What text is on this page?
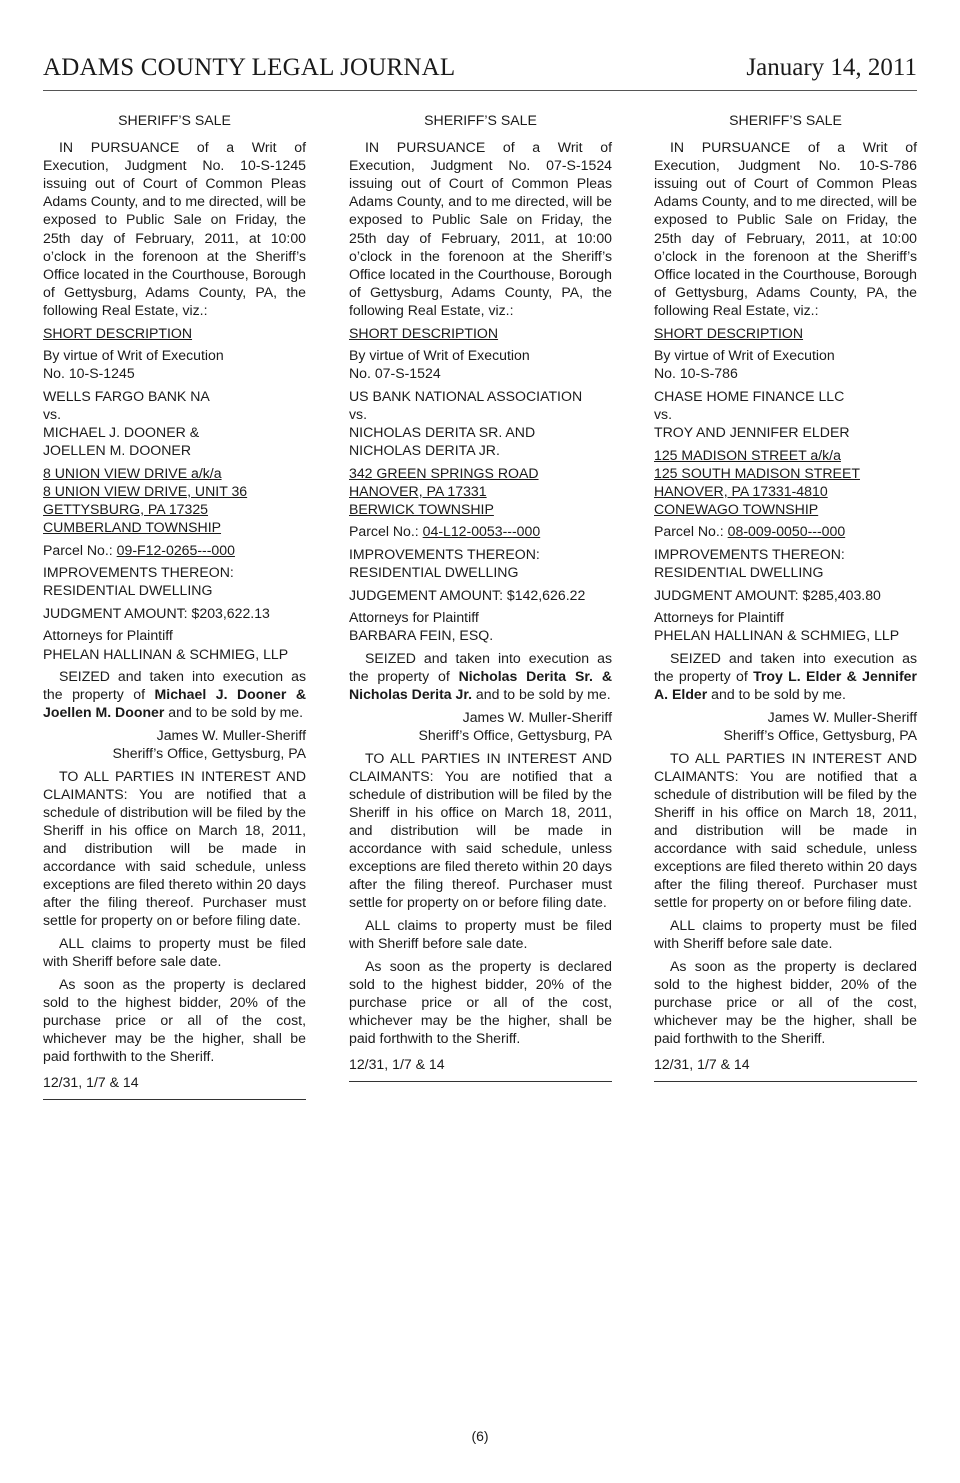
ADAMS COUNTY LEGAL JOURNAL	January 14, 2011

SHERIFF’S SALE

IN PURSUANCE of a Writ of Execution, Judgment No. 10-S-1245 issuing out of Court of Common Pleas Adams County, and to me directed, will be exposed to Public Sale on Friday, the 25th day of February, 2011, at 10:00 o’clock in the forenoon at the Sheriff’s Office located in the Courthouse, Borough of Gettysburg, Adams County, PA, the following Real Estate, viz.:

SHORT DESCRIPTION

By virtue of Writ of Execution
No. 10-S-1245

WELLS FARGO BANK NA
vs.
MICHAEL J. DOONER &
JOELLEN M. DOONER

8 UNION VIEW DRIVE a/k/a
8 UNION VIEW DRIVE, UNIT 36
GETTYSBURG, PA 17325
CUMBERLAND TOWNSHIP

Parcel No.: 09-F12-0265---000

IMPROVEMENTS THEREON:
RESIDENTIAL DWELLING

JUDGMENT AMOUNT: $203,622.13

Attorneys for Plaintiff
PHELAN HALLINAN & SCHMIEG, LLP

SEIZED and taken into execution as the property of Michael J. Dooner & Joellen M. Dooner and to be sold by me.

James W. Muller-Sheriff
Sheriff’s Office, Gettysburg, PA

TO ALL PARTIES IN INTEREST AND CLAIMANTS: You are notified that a schedule of distribution will be filed by the Sheriff in his office on March 18, 2011, and distribution will be made in accordance with said schedule, unless exceptions are filed thereto within 20 days after the filing thereof. Purchaser must settle for property on or before filing date.

ALL claims to property must be filed with Sheriff before sale date.

As soon as the property is declared sold to the highest bidder, 20% of the purchase price or all of the cost, whichever may be the higher, shall be paid forthwith to the Sheriff.

12/31, 1/7 & 14

SHERIFF’S SALE

IN PURSUANCE of a Writ of Execution, Judgment No. 07-S-1524 issuing out of Court of Common Pleas Adams County, and to me directed, will be exposed to Public Sale on Friday, the 25th day of February, 2011, at 10:00 o’clock in the forenoon at the Sheriff’s Office located in the Courthouse, Borough of Gettysburg, Adams County, PA, the following Real Estate, viz.:

SHORT DESCRIPTION

By virtue of Writ of Execution
No. 07-S-1524

US BANK NATIONAL ASSOCIATION
vs.
NICHOLAS DERITA SR. AND
NICHOLAS DERITA JR.

342 GREEN SPRINGS ROAD
HANOVER, PA 17331
BERWICK TOWNSHIP

Parcel No.: 04-L12-0053---000

IMPROVEMENTS THEREON:
RESIDENTIAL DWELLING

JUDGEMENT AMOUNT: $142,626.22

Attorneys for Plaintiff
BARBARA FEIN, ESQ.

SEIZED and taken into execution as the property of Nicholas Derita Sr. & Nicholas Derita Jr. and to be sold by me.

James W. Muller-Sheriff
Sheriff’s Office, Gettysburg, PA

TO ALL PARTIES IN INTEREST AND CLAIMANTS: You are notified that a schedule of distribution will be filed by the Sheriff in his office on March 18, 2011, and distribution will be made in accordance with said schedule, unless exceptions are filed thereto within 20 days after the filing thereof. Purchaser must settle for property on or before filing date.

ALL claims to property must be filed with Sheriff before sale date.

As soon as the property is declared sold to the highest bidder, 20% of the purchase price or all of the cost, whichever may be the higher, shall be paid forthwith to the Sheriff.

12/31, 1/7 & 14

SHERIFF’S SALE

IN PURSUANCE of a Writ of Execution, Judgment No. 10-S-786 issuing out of Court of Common Pleas Adams County, and to me directed, will be exposed to Public Sale on Friday, the 25th day of February, 2011, at 10:00 o’clock in the forenoon at the Sheriff’s Office located in the Courthouse, Borough of Gettysburg, Adams County, PA, the following Real Estate, viz.:

SHORT DESCRIPTION

By virtue of Writ of Execution
No. 10-S-786

CHASE HOME FINANCE LLC
vs.
TROY AND JENNIFER ELDER

125 MADISON STREET a/k/a
125 SOUTH MADISON STREET
HANOVER, PA 17331-4810
CONEWAGO TOWNSHIP

Parcel No.: 08-009-0050---000

IMPROVEMENTS THEREON:
RESIDENTIAL DWELLING

JUDGMENT AMOUNT: $285,403.80

Attorneys for Plaintiff
PHELAN HALLINAN & SCHMIEG, LLP

SEIZED and taken into execution as the property of Troy L. Elder & Jennifer A. Elder and to be sold by me.

James W. Muller-Sheriff
Sheriff’s Office, Gettysburg, PA

TO ALL PARTIES IN INTEREST AND CLAIMANTS: You are notified that a schedule of distribution will be filed by the Sheriff in his office on March 18, 2011, and distribution will be made in accordance with said schedule, unless exceptions are filed thereto within 20 days after the filing thereof. Purchaser must settle for property on or before filing date.

ALL claims to property must be filed with Sheriff before sale date.

As soon as the property is declared sold to the highest bidder, 20% of the purchase price or all of the cost, whichever may be the higher, shall be paid forthwith to the Sheriff.

12/31, 1/7 & 14

(6)
